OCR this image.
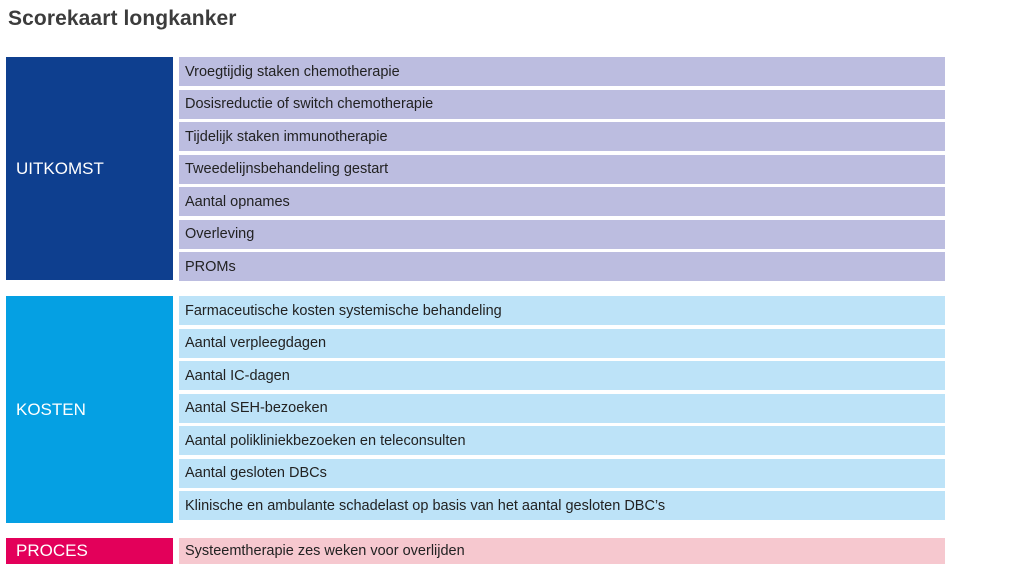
Scorekaart longkanker
UITKOMST
Vroegtijdig staken chemotherapie
Dosisreductie of switch chemotherapie
Tijdelijk staken immunotherapie
Tweedelijnsbehandeling gestart
Aantal opnames
Overleving
PROMs
KOSTEN
Farmaceutische kosten systemische behandeling
Aantal verpleegdagen
Aantal IC-dagen
Aantal SEH-bezoeken
Aantal polikliniekbezoeken en teleconsulten
Aantal gesloten DBCs
Klinische en ambulante schadelast op basis van het aantal gesloten DBC’s
PROCES	Systeemtherapie zes weken voor overlijden
